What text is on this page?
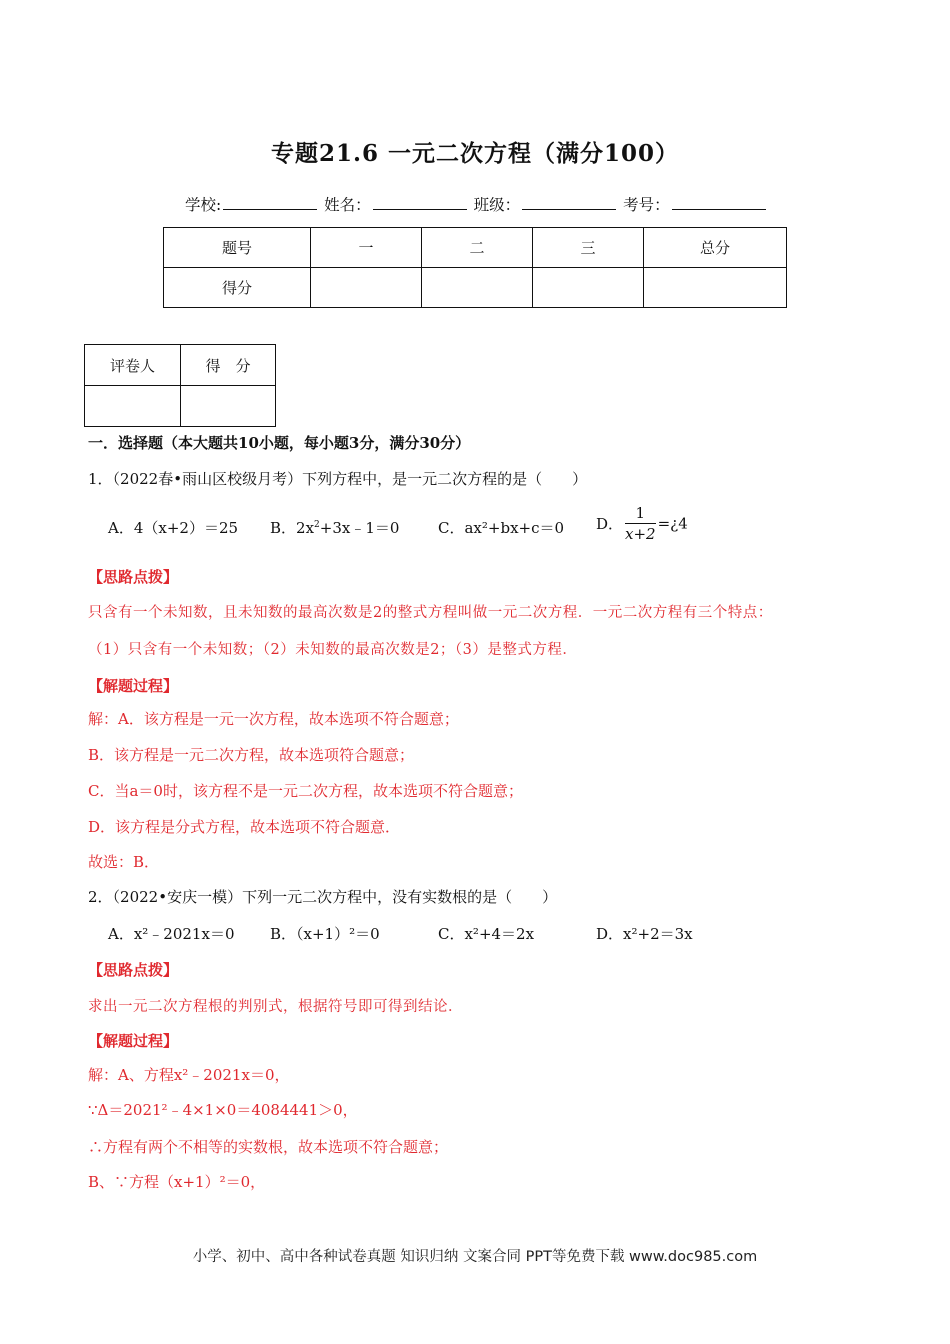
专题21.6 一元二次方程（满分100）
学校:	姓名：	班级：	考号：
题号	一	二	三	总分
得分				
评卷人	得　分

一．选择题（本大题共10小题，每小题3分，满分30分）
1．（2022春•雨山区校级月考）下列方程中，是一元二次方程的是（　　）
A．4（x+2）＝25 B．$2x^2+3x﹣1=0$	C．ax²+bx+c＝0 D． $\frac{1}{x+2}$ =¿4
【思路点拨】
只含有一个未知数，且未知数的最高次数是2的整式方程叫做一元二次方程．一元二次方程有三个特点：
（1）只含有一个未知数；（2）未知数的最高次数是2；（3）是整式方程．
【解题过程】
解：A．该方程是一元一次方程，故本选项不符合题意；
B．该方程是一元二次方程，故本选项符合题意；
C．当a＝0时，该方程不是一元二次方程，故本选项不符合题意；
D．该方程是分式方程，故本选项不符合题意．
故选：B．
2．（2022•安庆一模）下列一元二次方程中，没有实数根的是（　　）
A．x²﹣2021x＝0 B．（x+1）²＝0	C．x²+4＝2x	D．x²+2＝3x
【思路点拨】
求出一元二次方程根的判别式，根据符号即可得到结论．
【解题过程】
解：A、方程x²﹣2021x＝0，
∵Δ＝2021²﹣4×1×0＝4084441＞0，
∴方程有两个不相等的实数根，故本选项不符合题意；
B、∵方程（x+1）²＝0，
小学、初中、高中各种试卷真题 知识归纳 文案合同 PPT等免费下载 www.doc985.com
